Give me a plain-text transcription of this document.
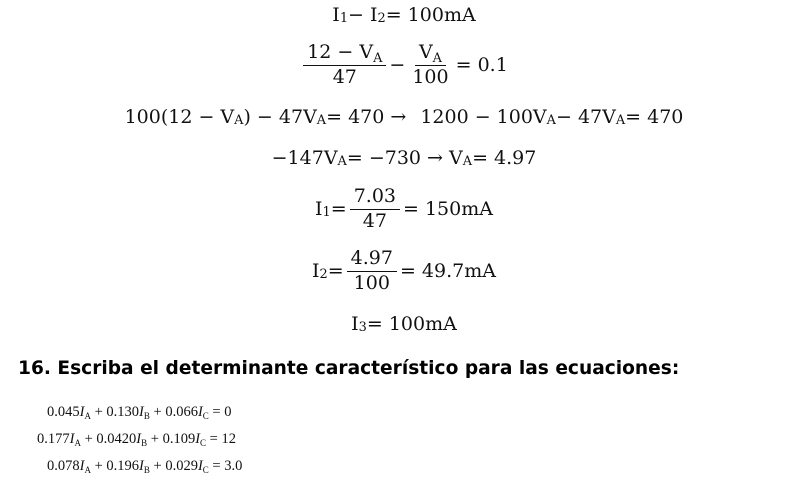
$I_1 - I_2 = 100mA$
$\frac{12 - V_A}{47} - \frac{V_A}{100} = 0.1$
$100(12 - V_A$ ) − $47V_A = 470 \to 1200 - 100V_A - 47V_A = 470$
$-147V_A = -730 \to V_A = 4.97$
$I_1 = \frac{7.03}{47} = 150mA$
$I_2 = \frac{4.97}{100} = 49.7mA$
$I_3 = 100mA$
16. Escriba el determinante característico para las ecuaciones:
$0.045I_A + 0.130I_B + 0.066I_C = 0$
$0.177I_A + 0.0420I_B + 0.109I_C = 12$
$0.078I_A + 0.196I_B + 0.029I_C = 3.0$
